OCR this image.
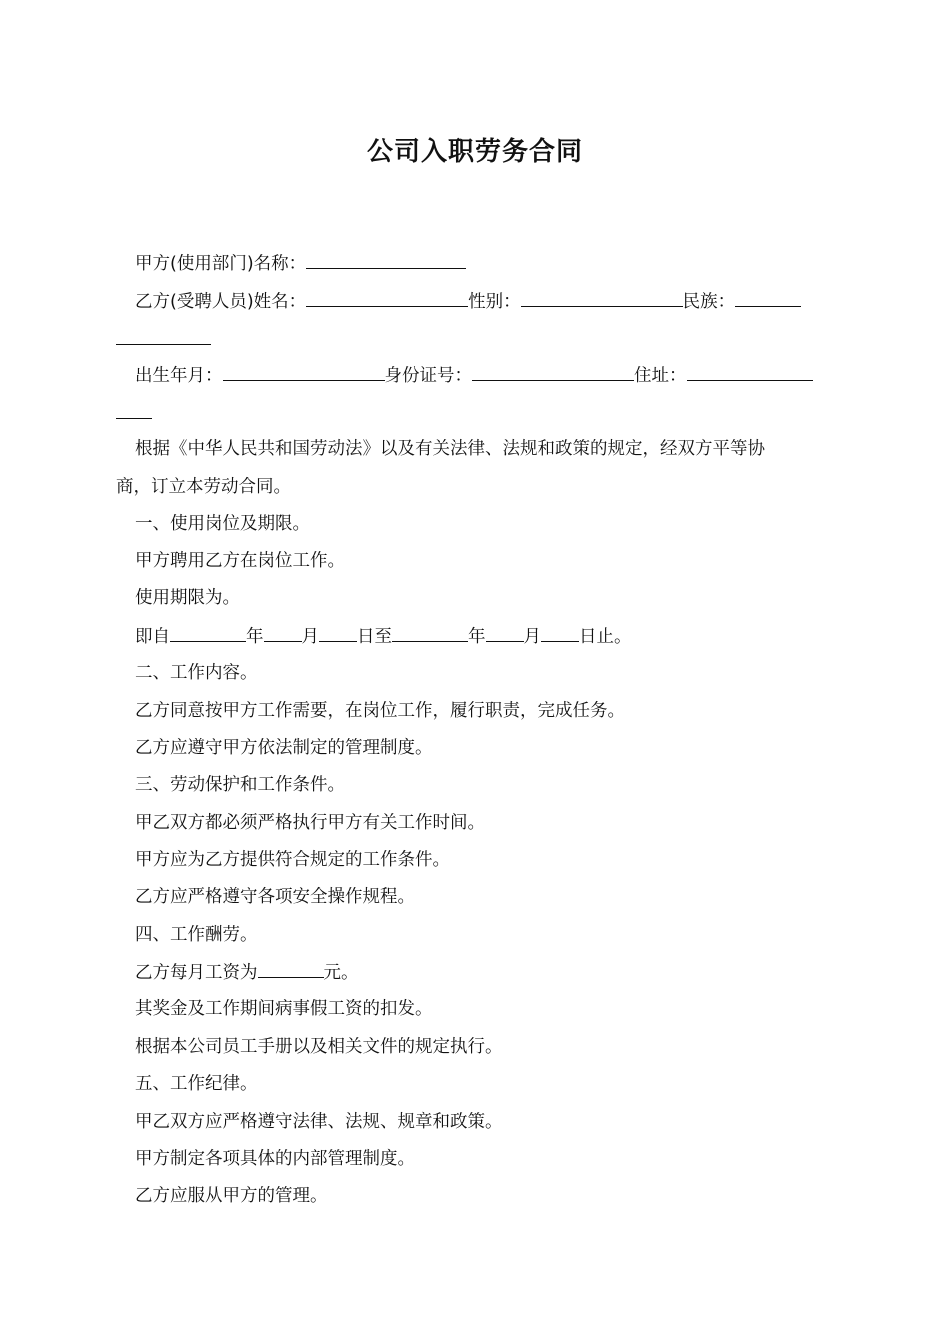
公司入职劳务合同
甲方(使用部门)名称：
乙方(受聘人员)姓名：	性别：	民族：
出生年月：	身份证号：	住址：
根据《中华人民共和国劳动法》以及有关法律、法规和政策的规定，经双方平等协
商，订立本劳动合同。
一、使用岗位及期限。
甲方聘用乙方在岗位工作。
使用期限为。
即自	年 月 日至	年 月 日止。
二、工作内容。
乙方同意按甲方工作需要，在岗位工作，履行职责，完成任务。
乙方应遵守甲方依法制定的管理制度。
三、劳动保护和工作条件。
甲乙双方都必须严格执行甲方有关工作时间。
甲方应为乙方提供符合规定的工作条件。
乙方应严格遵守各项安全操作规程。
四、工作酬劳。
乙方每月工资为	元。
其奖金及工作期间病事假工资的扣发。
根据本公司员工手册以及相关文件的规定执行。
五、工作纪律。
甲乙双方应严格遵守法律、法规、规章和政策。
甲方制定各项具体的内部管理制度。
乙方应服从甲方的管理。
